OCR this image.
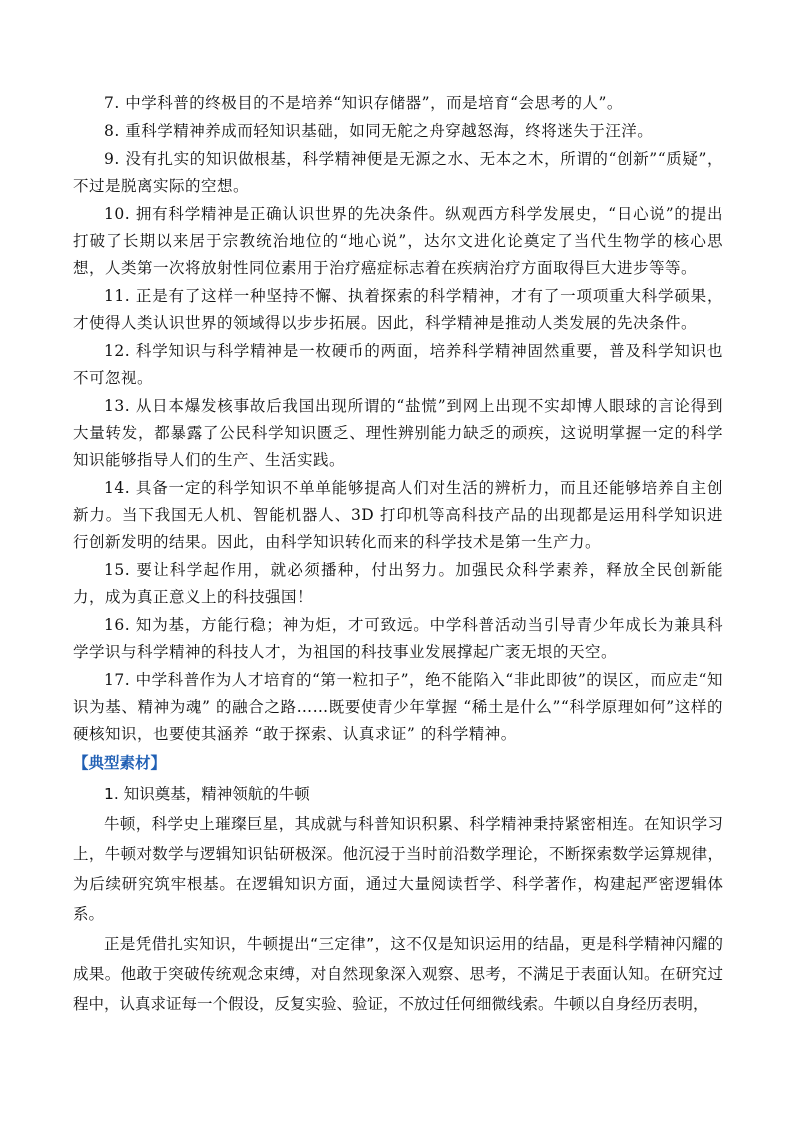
7. 中学科普的终极目的不是培养“知识存储器”，而是培育“会思考的人”。

8. 重科学精神养成而轻知识基础，如同无舵之舟穿越怒海，终将迷失于汪洋。

9. 没有扎实的知识做根基，科学精神便是无源之水、无本之木，所谓的“创新”“质疑”，不过是脱离实际的空想。

10. 拥有科学精神是正确认识世界的先决条件。纵观西方科学发展史，“日心说”的提出打破了长期以来居于宗教统治地位的“地心说”，达尔文进化论奠定了当代生物学的核心思想，人类第一次将放射性同位素用于治疗癌症标志着在疾病治疗方面取得巨大进步等等。

11. 正是有了这样一种坚持不懈、执着探索的科学精神，才有了一项项重大科学硕果，才使得人类认识世界的领域得以步步拓展。因此，科学精神是推动人类发展的先决条件。

12. 科学知识与科学精神是一枚硬币的两面，培养科学精神固然重要，普及科学知识也不可忽视。

13. 从日本爆发核事故后我国出现所谓的“盐慌”到网上出现不实却博人眼球的言论得到大量转发，都暴露了公民科学知识匮乏、理性辨别能力缺乏的顽疾，这说明掌握一定的科学知识能够指导人们的生产、生活实践。

14. 具备一定的科学知识不单单能够提高人们对生活的辨析力，而且还能够培养自主创新力。当下我国无人机、智能机器人、3D 打印机等高科技产品的出现都是运用科学知识进行创新发明的结果。因此，由科学知识转化而来的科学技术是第一生产力。

15. 要让科学起作用，就必须播种，付出努力。加强民众科学素养，释放全民创新能力，成为真正意义上的科技强国！

16. 知为基，方能行稳；神为炬，才可致远。中学科普活动当引导青少年成长为兼具科学学识与科学精神的科技人才，为祖国的科技事业发展撑起广袤无垠的天空。

17. 中学科普作为人才培育的“第一粒扣子”，绝不能陷入“非此即彼”的误区，而应走“知识为基、精神为魂” 的融合之路……既要使青少年掌握 “稀土是什么”“科学原理如何”这样的硬核知识，也要使其涵养 “敢于探索、认真求证” 的科学精神。

【典型素材】

1. 知识奠基，精神领航的牛顿

牛顿，科学史上璀璨巨星，其成就与科普知识积累、科学精神秉持紧密相连。在知识学习上，牛顿对数学与逻辑知识钻研极深。他沉浸于当时前沿数学理论，不断探索数学运算规律，为后续研究筑牢根基。在逻辑知识方面，通过大量阅读哲学、科学著作，构建起严密逻辑体系。

正是凭借扎实知识，牛顿提出“三定律”，这不仅是知识运用的结晶，更是科学精神闪耀的成果。他敢于突破传统观念束缚，对自然现象深入观察、思考，不满足于表面认知。在研究过程中，认真求证每一个假设，反复实验、验证，不放过任何细微线索。牛顿以自身经历表明，
